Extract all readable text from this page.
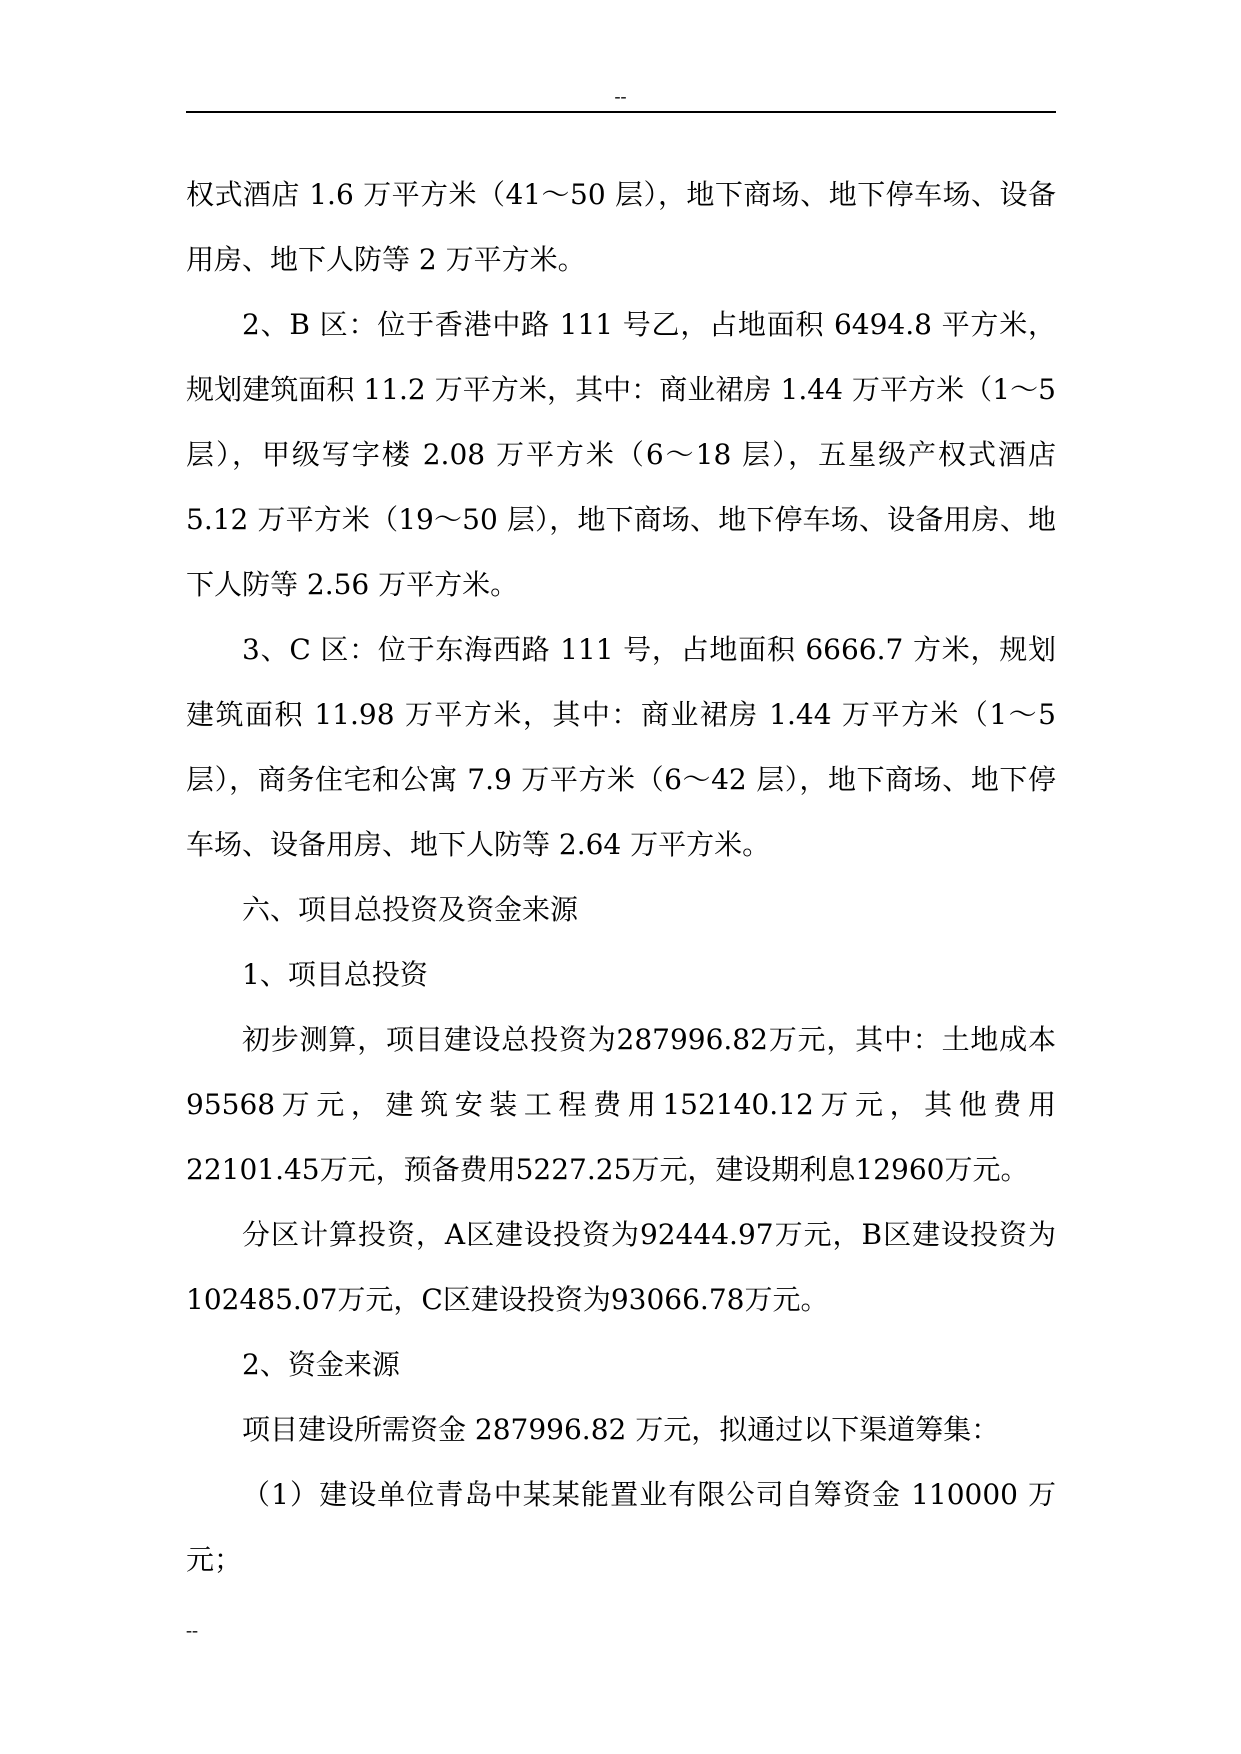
--

权式酒店 1.6 万平方米（41～50 层），地下商场、地下停车场、设备用房、地下人防等 2 万平方米。

2、B 区：位于香港中路 111 号乙，占地面积 6494.8 平方米，规划建筑面积 11.2 万平方米，其中：商业裙房 1.44 万平方米（1～5 层），甲级写字楼 2.08 万平方米（6～18 层），五星级产权式酒店 5.12 万平方米（19～50 层），地下商场、地下停车场、设备用房、地下人防等 2.56 万平方米。

3、C 区：位于东海西路 111 号，占地面积 6666.7 方米，规划建筑面积 11.98 万平方米，其中：商业裙房 1.44 万平方米（1～5 层），商务住宅和公寓 7.9 万平方米（6～42 层），地下商场、地下停车场、设备用房、地下人防等 2.64 万平方米。

六、项目总投资及资金来源

1、项目总投资

初步测算，项目建设总投资为287996.82万元，其中：土地成本95568万元，建筑安装工程费用152140.12万元，其他费用22101.45万元，预备费用5227.25万元，建设期利息12960万元。

分区计算投资，A区建设投资为92444.97万元，B区建设投资为102485.07万元，C区建设投资为93066.78万元。

2、资金来源

项目建设所需资金 287996.82 万元，拟通过以下渠道筹集：

（1）建设单位青岛中某某能置业有限公司自筹资金 110000 万元；

--
